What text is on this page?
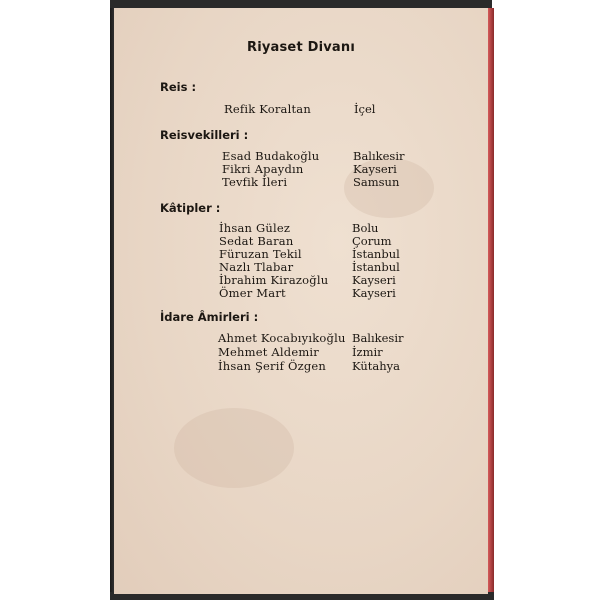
Riyaset Divanı
Reis :
Refik Koraltan	İçel
Reisvekilleri :
Esad Budakoğlu	Balıkesir
Fikri Apaydın	Kayseri
Tevfik İleri	Samsun
Kâtipler :
İhsan Gülez	Bolu
Sedat Baran	Çorum
Füruzan Tekil	İstanbul
Nazlı Tlabar	İstanbul
İbrahim Kirazoğlu Kayseri
Ömer Mart	Kayseri
İdare Âmirleri :
Ahmet Kocabıyıkoğlu Balıkesir
Mehmet Aldemir	İzmir
İhsan Şerif Özgen Kütahya
